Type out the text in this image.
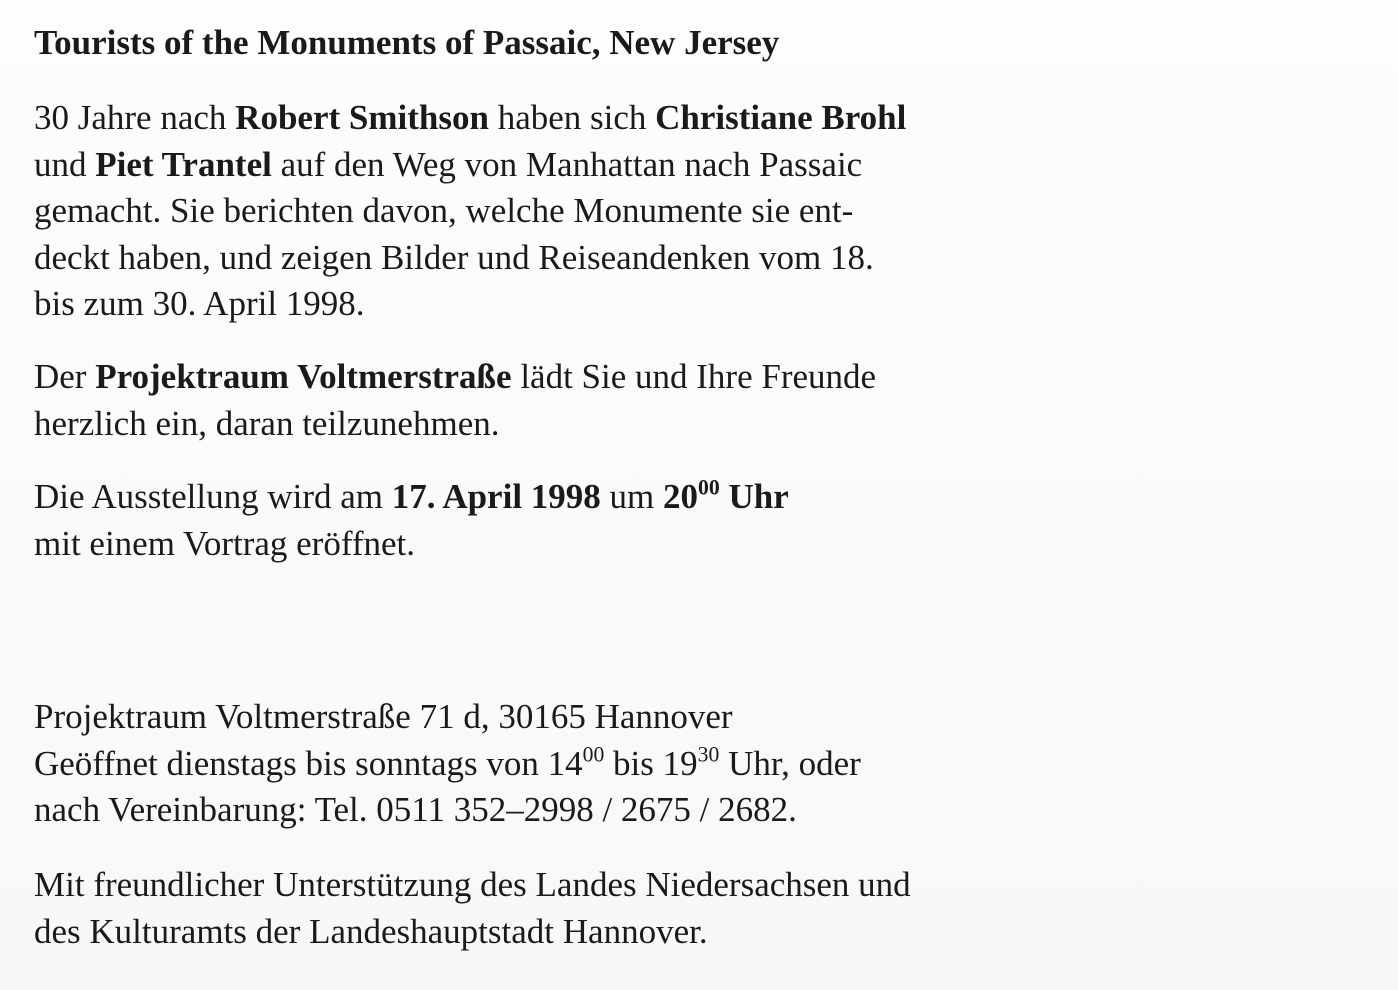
Tourists of the Monuments of Passaic, New Jersey

30 Jahre nach Robert Smithson haben sich Christiane Brohl
und Piet Trantel auf den Weg von Manhattan nach Passaic
gemacht. Sie berichten davon, welche Monumente sie ent-
deckt haben, und zeigen Bilder und Reiseandenken vom 18.
bis zum 30. April 1998.

Der Projektraum Voltmerstraße lädt Sie und Ihre Freunde
herzlich ein, daran teilzunehmen.

Die Ausstellung wird am 17. April 1998 um $20^{00}$ Uhr
mit einem Vortrag eröffnet.

Projektraum Voltmerstraße 71 d, 30165 Hannover
Geöffnet dienstags bis sonntags von $14^{00}$ bis $19^{30}$ Uhr, oder
nach Vereinbarung: Tel. 0511 352–2998 / 2675 / 2682.

Mit freundlicher Unterstützung des Landes Niedersachsen und
des Kulturamts der Landeshauptstadt Hannover.
